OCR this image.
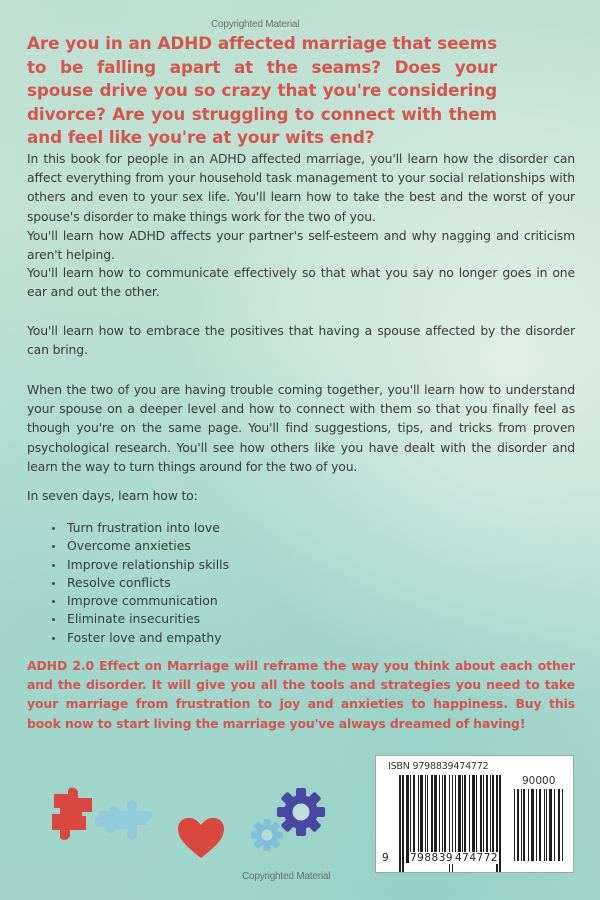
Copyrighted Material
Are you in an ADHD affected marriage that seems to be falling apart at the seams? Does your spouse drive you so crazy that you're considering divorce? Are you struggling to connect with them and feel like you're at your wits end?

In this book for people in an ADHD affected marriage, you'll learn how the disorder can affect everything from your household task management to your social relationships with others and even to your sex life. You'll learn how to take the best and the worst of your spouse's disorder to make things work for the two of you.

You'll learn how ADHD affects your partner's self-esteem and why nagging and criticism aren't helping.

You'll learn how to communicate effectively so that what you say no longer goes in one ear and out the other.

You'll learn how to embrace the positives that having a spouse affected by the disorder can bring.

When the two of you are having trouble coming together, you'll learn how to understand your spouse on a deeper level and how to connect with them so that you finally feel as though you're on the same page. You'll find suggestions, tips, and tricks from proven psychological research. You'll see how others like you have dealt with the disorder and learn the way to turn things around for the two of you.

In seven days, learn how to:

Turn frustration into love
Overcome anxieties
Improve relationship skills
Resolve conflicts
Improve communication
Eliminate insecurities
Foster love and empathy

ADHD 2.0 Effect on Marriage will reframe the way you think about each other and the disorder. It will give you all the tools and strategies you need to take your marriage from frustration to joy and anxieties to happiness. Buy this book now to start living the marriage you've always dreamed of having!

ISBN 9798839474772
90000
9 798839 474772
Copyrighted Material
